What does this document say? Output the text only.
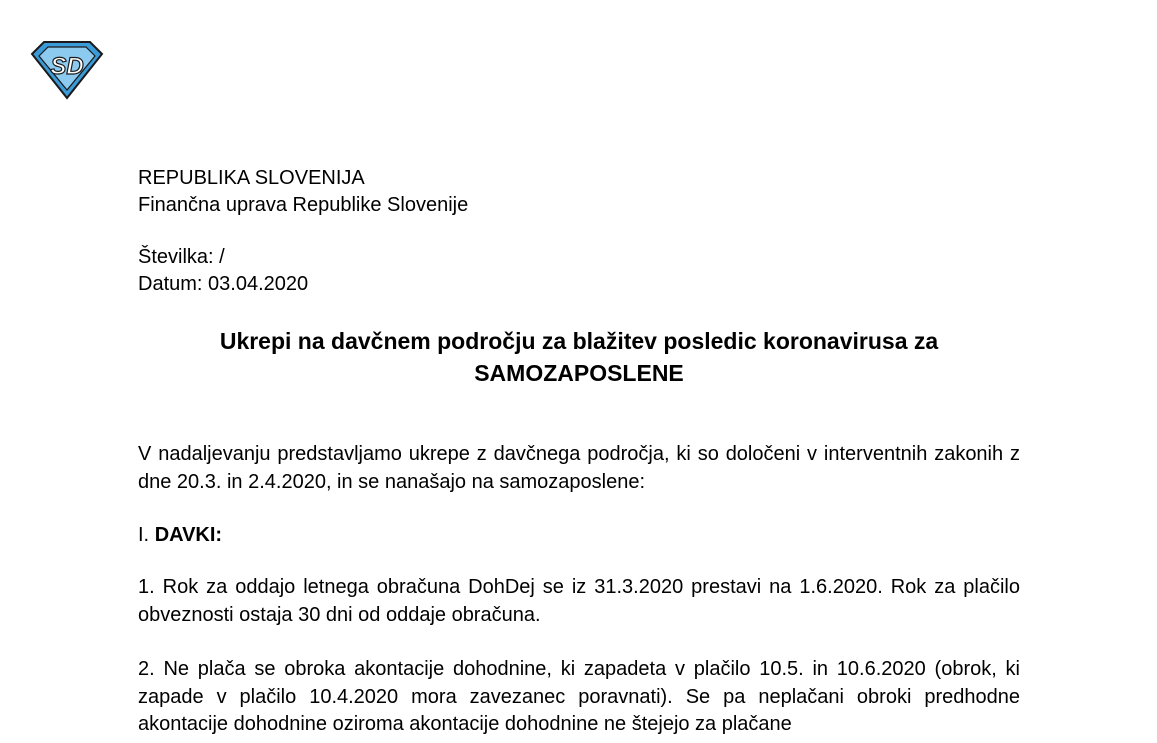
SD
REPUBLIKA SLOVENIJA
Finančna uprava Republike Slovenije
Številka: /
Datum: 03.04.2020
Ukrepi na davčnem področju za blažitev posledic koronavirusa za
SAMOZAPOSLENE
V nadaljevanju predstavljamo ukrepe z davčnega področja, ki so določeni v interventnih zakonih z dne 20.3. in 2.4.2020, in se nanašajo na samozaposlene:
I. DAVKI:
1. Rok za oddajo letnega obračuna DohDej se iz 31.3.2020 prestavi na 1.6.2020. Rok za plačilo obveznosti ostaja 30 dni od oddaje obračuna.
2. Ne plača se obroka akontacije dohodnine, ki zapadeta v plačilo 10.5. in 10.6.2020 (obrok, ki zapade v plačilo 10.4.2020 mora zavezanec poravnati). Se pa neplačani obroki predhodne akontacije dohodnine oziroma akontacije dohodnine ne štejejo za plačane
